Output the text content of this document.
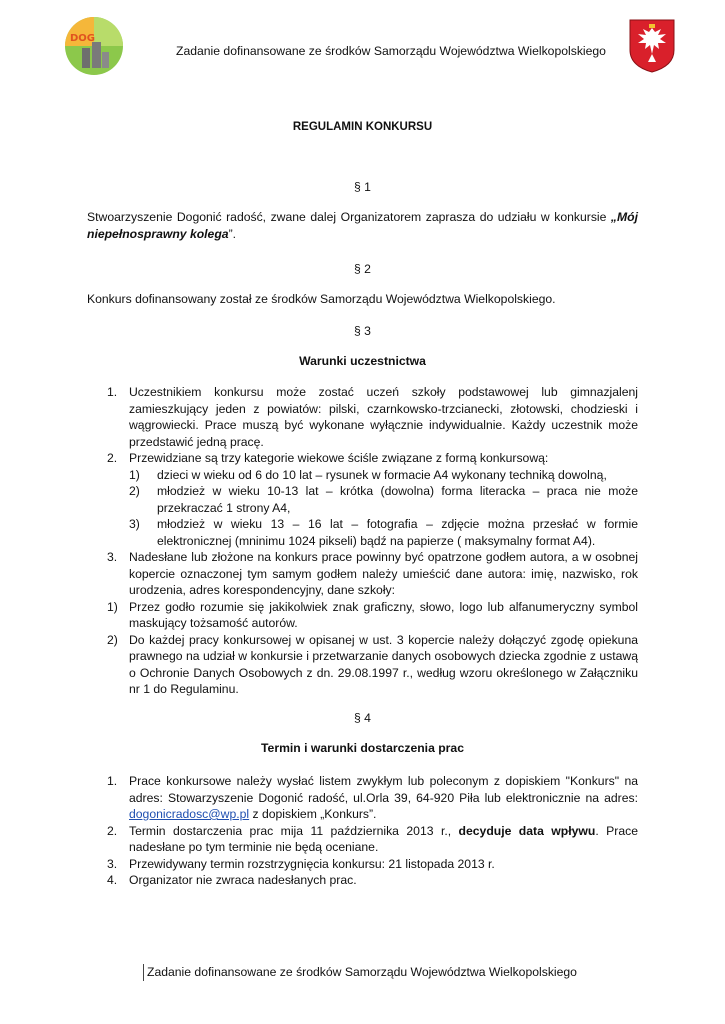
DOG
Zadanie dofinansowane ze środków Samorządu Województwa Wielkopolskiego
REGULAMIN KONKURSU
§ 1
Stwoarzyszenie Dogonić radość, zwane dalej Organizatorem zaprasza do udziału w konkursie „Mój niepełnosprawny kolega”.
§ 2
Konkurs dofinansowany został ze środków Samorządu Województwa Wielkopolskiego.
§ 3
Warunki uczestnictwa
1. Uczestnikiem konkursu może zostać uczeń szkoły podstawowej lub gimnazjalenj zamieszkujący jeden z powiatów: pilski, czarnkowsko-trzcianecki, złotowski, chodzieski i wągrowiecki. Prace muszą być wykonane wyłącznie indywidualnie. Każdy uczestnik może przedstawić jedną pracę.
2. Przewidziane są trzy kategorie wiekowe ściśle związane z formą konkursową:
1) dzieci w wieku od 6 do 10 lat – rysunek w formacie A4 wykonany techniką dowolną,
2) młodzież w wieku 10-13 lat – krótka (dowolna) forma literacka – praca nie może przekraczać 1 strony A4,
3) młodzież w wieku 13 – 16 lat – fotografia – zdjęcie można przesłać w formie elektronicznej (mninimu 1024 pikseli) bądź na papierze ( maksymalny format A4).
3. Nadesłane lub złożone na konkurs prace powinny być opatrzone godłem autora, a w osobnej kopercie oznaczonej tym samym godłem należy umieścić dane autora: imię, nazwisko, rok urodzenia, adres korespondencyjny, dane szkoły:
1) Przez godło rozumie się jakikolwiek znak graficzny, słowo, logo lub alfanumeryczny symbol maskujący tożsamość autorów.
2) Do każdej pracy konkursowej w opisanej w ust. 3 kopercie należy dołączyć zgodę opiekuna prawnego na udział w konkursie i przetwarzanie danych osobowych dziecka zgodnie z ustawą o Ochronie Danych Osobowych z dn. 29.08.1997 r., według wzoru określonego w Załączniku nr 1 do Regulaminu.
§ 4
Termin i warunki dostarczenia prac
1. Prace konkursowe należy wysłać listem zwykłym lub poleconym z dopiskiem "Konkurs" na adres: Stowarzyszenie Dogonić radość, ul.Orla 39, 64-920 Piła lub elektronicznie na adres: dogonicradosc@wp.pl z dopiskiem „Konkurs”.
2. Termin dostarczenia prac mija 11 października 2013 r., decyduje data wpływu. Prace nadesłane po tym terminie nie będą oceniane.
3. Przewidywany termin rozstrzygnięcia konkursu: 21 listopada 2013 r.
4. Organizator nie zwraca nadesłanych prac.
Zadanie dofinansowane ze środków Samorządu Województwa Wielkopolskiego
